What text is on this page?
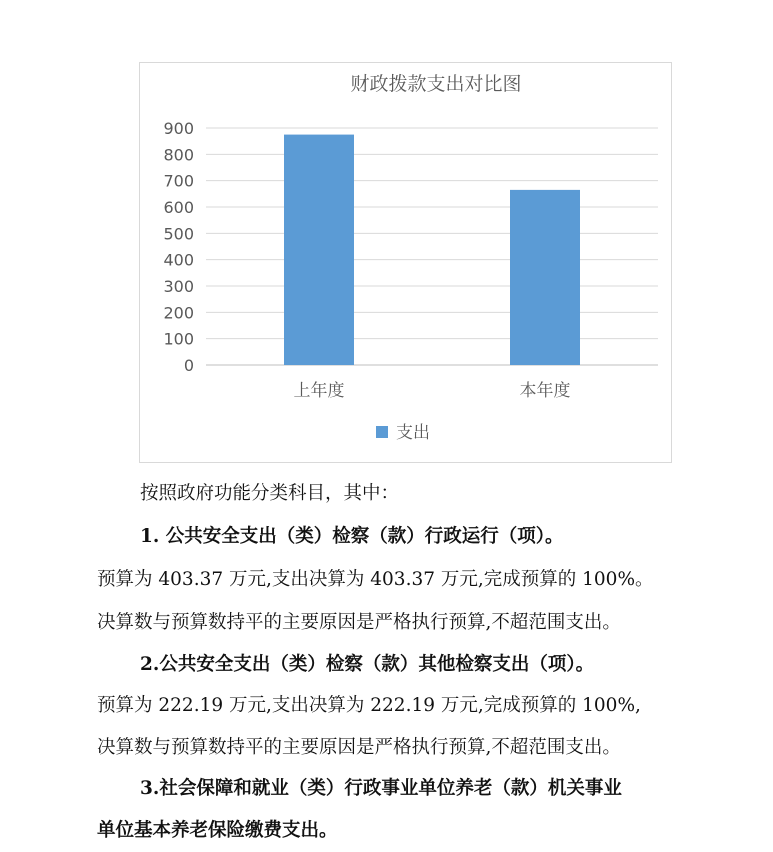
财政拨款支出对比图
0
100
200
300
400
500
600
700
800
900
上年度	本年度
支出
按照政府功能分类科目，其中：
1. 公共安全支出（类）检察（款）行政运行（项）。
预算为 403.37 万元,支出决算为 403.37 万元,完成预算的 100%。
决算数与预算数持平的主要原因是严格执行预算,不超范围支出。
2.公共安全支出（类）检察（款）其他检察支出（项）。
预算为 222.19 万元,支出决算为 222.19 万元,完成预算的 100%,
决算数与预算数持平的主要原因是严格执行预算,不超范围支出。
3.社会保障和就业（类）行政事业单位养老（款）机关事业
单位基本养老保险缴费支出。
